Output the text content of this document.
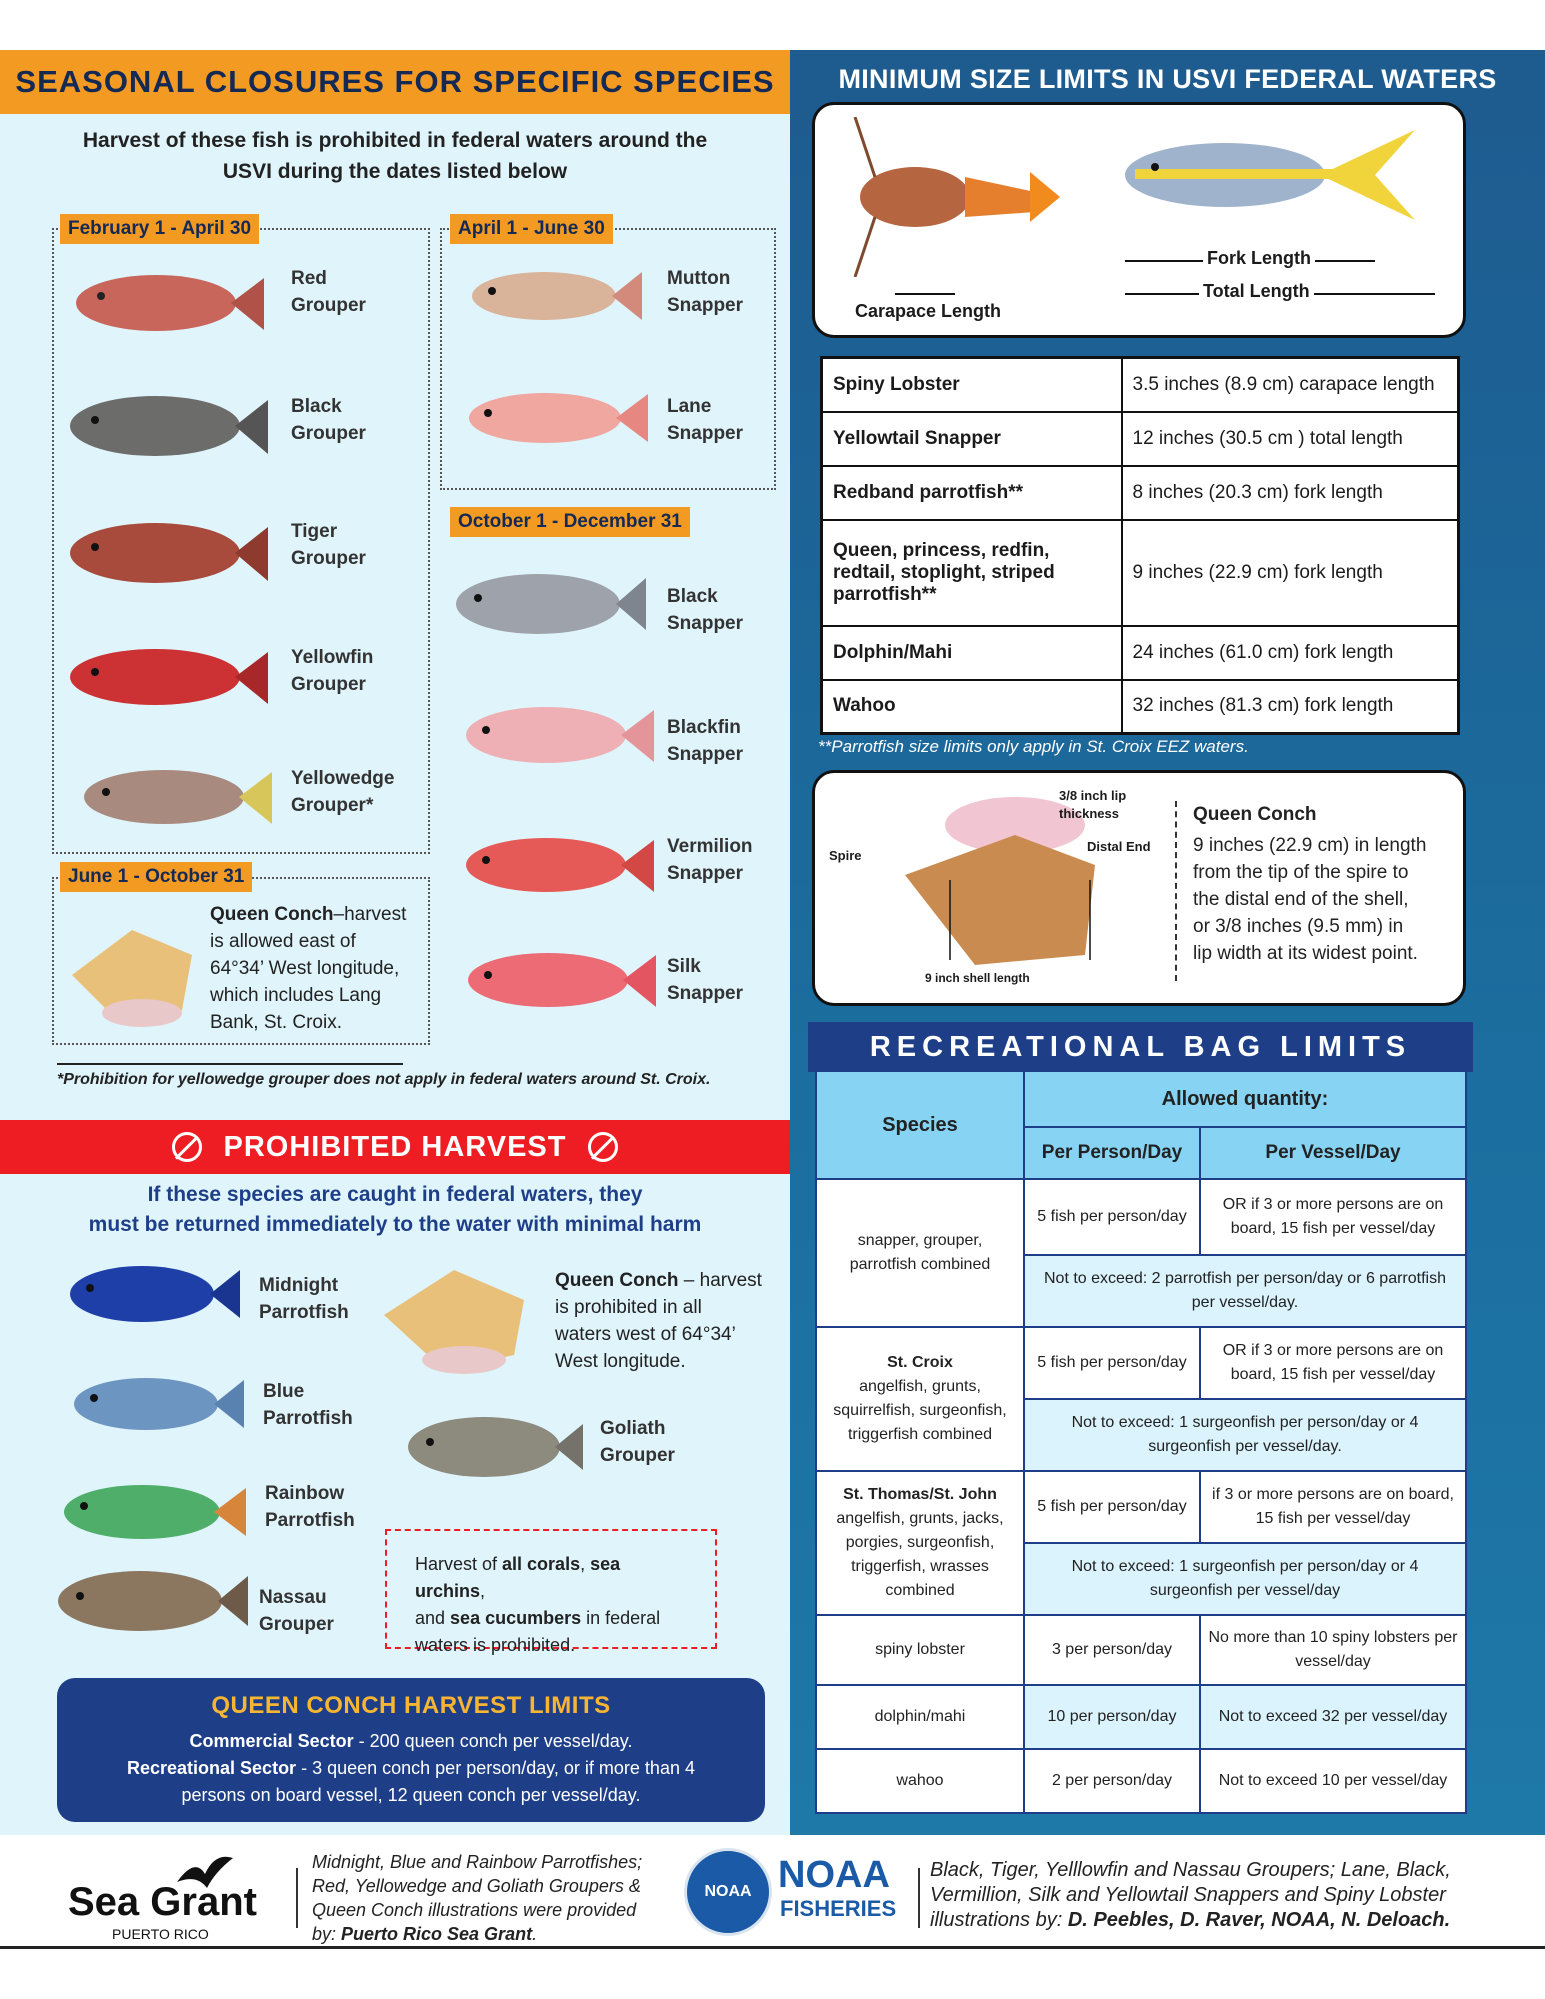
SEASONAL CLOSURES FOR SPECIFIC SPECIES
Harvest of these fish is prohibited in federal waters around the USVI during the dates listed below
February 1 - April 30	April 1 - June 30
October 1 - December 31
June 1 - October 31
Red
Grouper
Black
Grouper
Tiger
Grouper
Yellowfin
Grouper
Yellowedge
Grouper*
Mutton
Snapper
Lane
Snapper
Black
Snapper
Blackfin
Snapper
Vermilion
Snapper
Silk
Snapper
Queen Conch–harvest
is allowed east of
64°34’ West longitude,
which includes Lang
Bank, St. Croix.
*Prohibition for yellowedge grouper does not apply in federal waters around St. Croix.
PROHIBITED HARVEST
If these species are caught in federal waters, they
must be returned immediately to the water with minimal harm
Midnight
Parrotfish
Blue
Parrotfish
Rainbow
Parrotfish
Nassau
Grouper
Goliath
Grouper
Queen Conch – harvest
is prohibited in all
waters west of 64°34’
West longitude.
Harvest of all corals, sea urchins,
and sea cucumbers in federal
waters is prohibited.
QUEEN CONCH HARVEST LIMITS
Commercial Sector - 200 queen conch per vessel/day.
Recreational Sector - 3 queen conch per person/day, or if more than 4
persons on board vessel, 12 queen conch per vessel/day.
MINIMUM SIZE LIMITS IN USVI FEDERAL WATERS
Carapace Length
Fork Length
Total Length
Spiny Lobster	3.5 inches (8.9 cm) carapace length
Yellowtail Snapper	12 inches (30.5 cm ) total length
Redband parrotfish**	8 inches (20.3 cm) fork length
Queen, princess, redfin, redtail, stoplight, striped parrotfish**	9 inches (22.9 cm) fork length
Dolphin/Mahi	24 inches (61.0 cm) fork length
Wahoo	32 inches (81.3 cm) fork length
**Parrotfish size limits only apply in St. Croix EEZ waters.
3/8 inch lip thickness
Spire
Distal End
9 inch shell length
Queen Conch
9 inches (22.9 cm) in length
from the tip of the spire to
the distal end of the shell,
or 3/8 inches (9.5 mm) in
lip width at its widest point.
RECREATIONAL BAG LIMITS
Species	Allowed quantity:	
	Per Person/Day	Per Vessel/Day
snapper, grouper, parrotfish combined	5 fish per person/day	OR if 3 or more persons are on board, 15 fish per vessel/day
	Not to exceed: 2 parrotfish per person/day or 6 parrotfish per vessel/day.	
St. Croix
angelfish, grunts, squirrelfish, surgeonfish, triggerfish combined	5 fish per person/day	OR if 3 or more persons are on board, 15 fish per vessel/day
	Not to exceed: 1 surgeonfish per person/day or 4 surgeonfish per vessel/day.	
St. Thomas/St. John
angelfish, grunts, jacks, porgies, surgeonfish, triggerfish, wrasses combined	5 fish per person/day	if 3 or more persons are on board, 15 fish per vessel/day
	Not to exceed: 1 surgeonfish per person/day or 4 surgeonfish per vessel/day	
spiny lobster	3 per person/day	No more than 10 spiny lobsters per vessel/day
dolphin/mahi	10 per person/day	Not to exceed 32 per vessel/day
wahoo	2 per person/day	Not to exceed 10 per vessel/day
Sea Grant
PUERTO RICO
Midnight, Blue and Rainbow Parrotfishes;
Red, Yellowedge and Goliath Groupers &
Queen Conch illustrations were provided
by: Puerto Rico Sea Grant.
NOAA NOAA
FISHERIES
Black, Tiger, Yelllowfin and Nassau Groupers; Lane, Black,
Vermillion, Silk and Yellowtail Snappers and Spiny Lobster
illustrations by: D. Peebles, D. Raver, NOAA, N. Deloach.
